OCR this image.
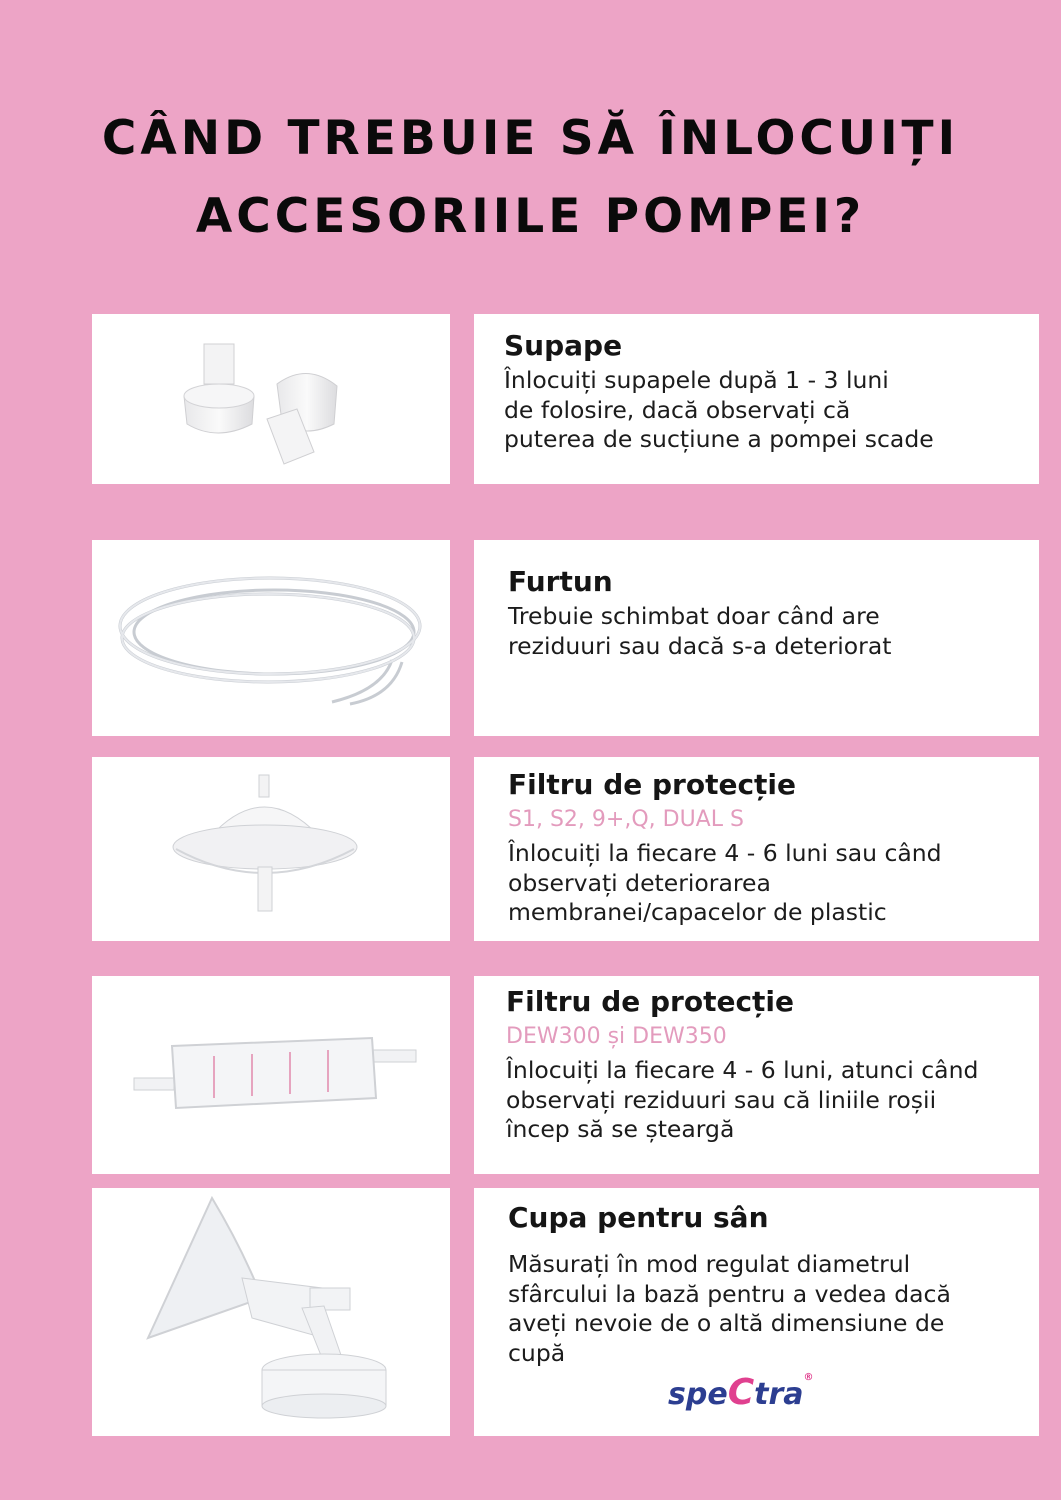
CÂND TREBUIE SĂ ÎNLOCUIȚI
ACCESORIILE POMPEI?
Supape
Înlocuiți supapele după 1 - 3 luni
de folosire, dacă observați că
puterea de sucțiune a pompei scade
Furtun
Trebuie schimbat doar când are
reziduuri sau dacă s-a deteriorat
Filtru de protecție
S1, S2, 9+,Q, DUAL S
Înlocuiți la fiecare 4 - 6 luni sau când
observați deteriorarea
membranei/capacelor de plastic
Filtru de protecție
DEW300 și DEW350
Înlocuiți la fiecare 4 - 6 luni, atunci când
observați reziduuri sau că liniile roșii
încep să se șteargă
Cupa pentru sân
Măsurați în mod regulat diametrul
sfârcului la bază pentru a vedea dacă
aveți nevoie de o altă dimensiune de
cupă
speCtra®
